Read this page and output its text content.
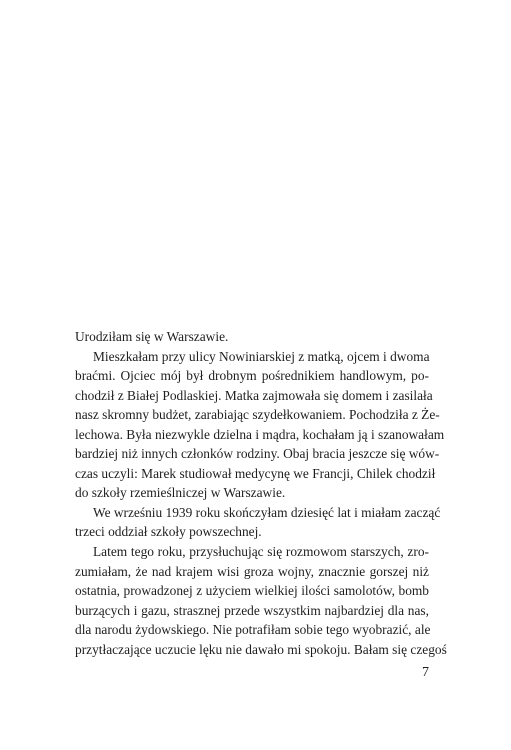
Urodziłam się w Warszawie.
Mieszkałam przy ulicy Nowiniarskiej z matką, ojcem i dwoma
braćmi. Ojciec mój był drobnym pośrednikiem handlowym, po-
chodził z Białej Podlaskiej. Matka zajmowała się domem i zasilała
nasz skromny budżet, zarabiając szydełkowaniem. Pochodziła z Że-
lechowa. Była niezwykle dzielna i mądra, kochałam ją i szanowałam
bardziej niż innych członków rodziny. Obaj bracia jeszcze się wów-
czas uczyli: Marek studiował medycynę we Francji, Chilek chodził
do szkoły rzemieślniczej w Warszawie.
We wrześniu 1939 roku skończyłam dziesięć lat i miałam zacząć
trzeci oddział szkoły powszechnej.
Latem tego roku, przysłuchując się rozmowom starszych, zro-
zumiałam, że nad krajem wisi groza wojny, znacznie gorszej niż
ostatnia, prowadzonej z użyciem wielkiej ilości samolotów, bomb
burzących i gazu, strasznej przede wszystkim najbardziej dla nas,
dla narodu żydowskiego. Nie potrafiłam sobie tego wyobrazić, ale
przytłaczające uczucie lęku nie dawało mi spokoju. Bałam się czegoś
7
